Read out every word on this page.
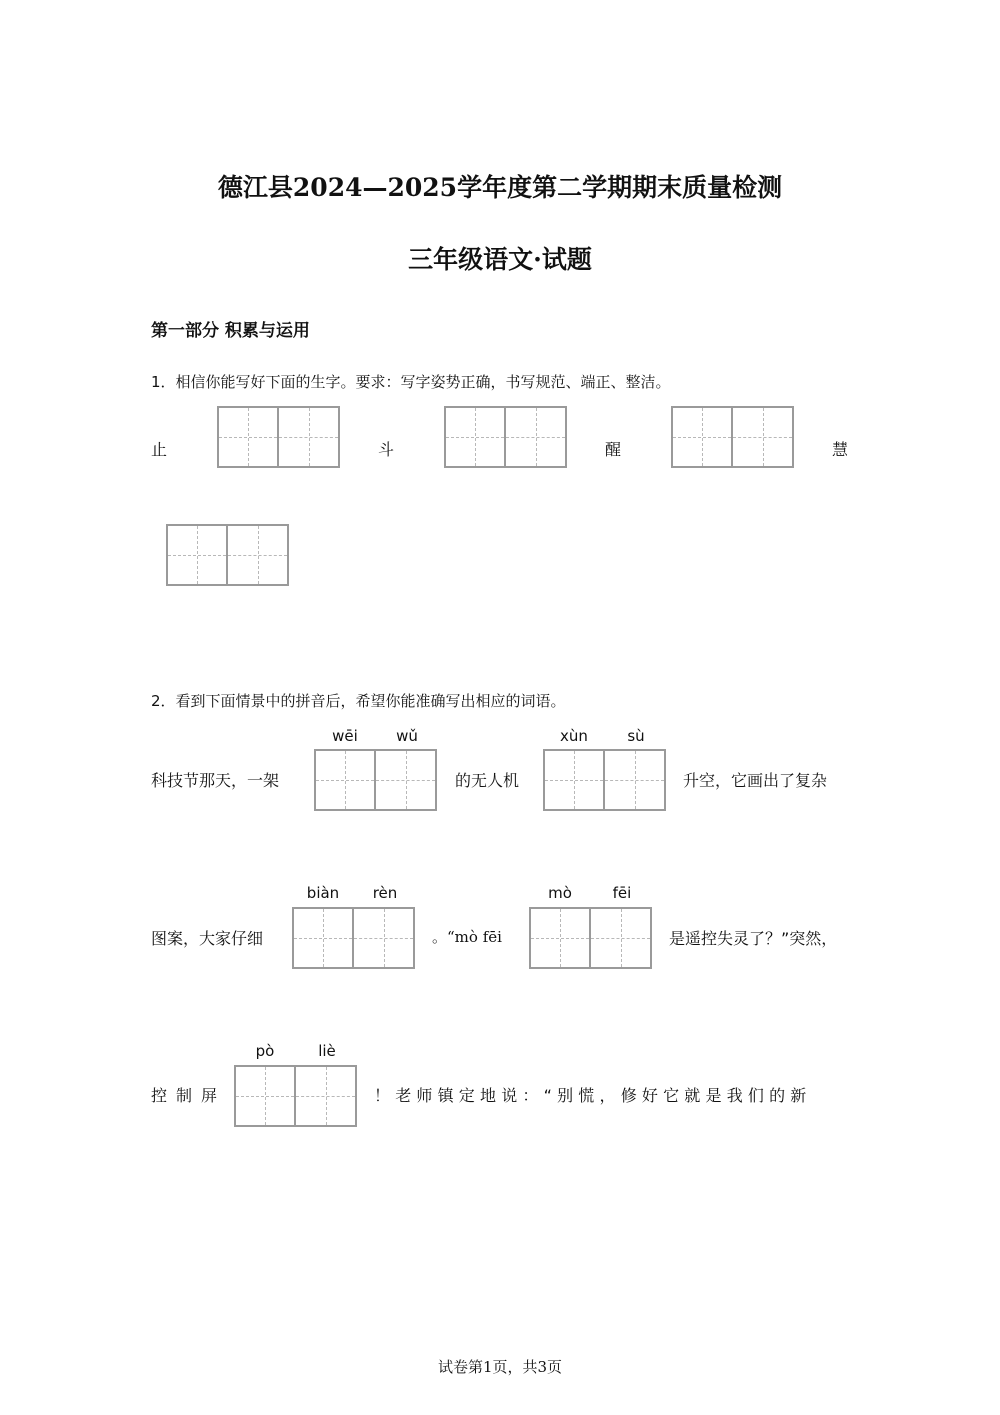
德江县2024—2025学年度第二学期期末质量检测
三年级语文·试题
第一部分 积累与运用
1．相信你能写好下面的生字。要求：写字姿势正确，书写规范、端正、整洁。
止	斗	醒	慧
2．看到下面情景中的拼音后，希望你能准确写出相应的词语。
科技节那天，一架
wēi	wǔ
的无人机
xùn	sù
升空，它画出了复杂
图案，大家仔细
biàn	rèn
。“mò fēi
mò	fēi
是遥控失灵了？”突然，
控制屏
pò	liè
！老师镇定地说：“别慌，修好它就是我们的新
试卷第1页，共3页
